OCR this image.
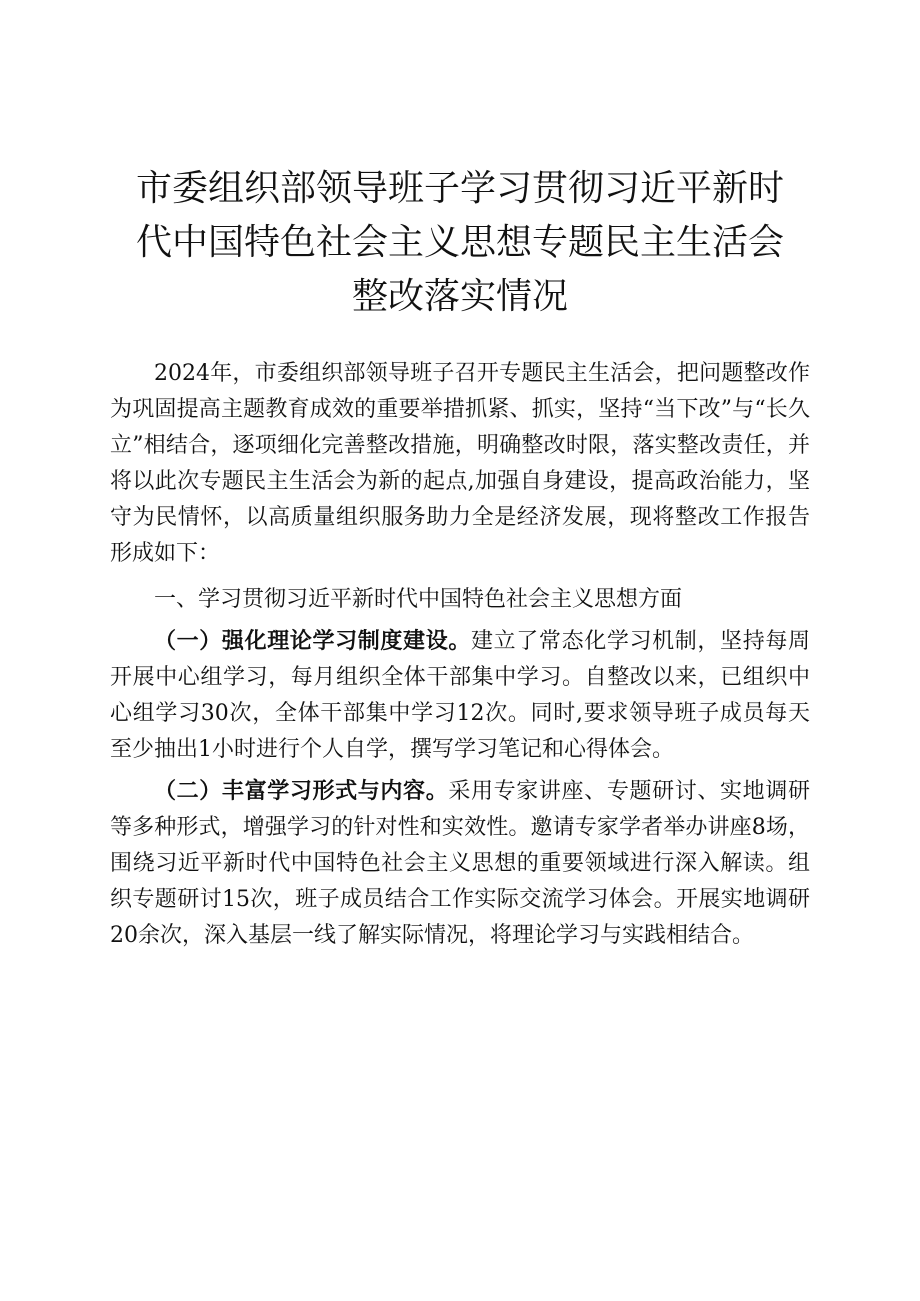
市委组织部领导班子学习贯彻习近平新时代中国特色社会主义思想专题民主生活会整改落实情况

2024年，市委组织部领导班子召开专题民主生活会，把问题整改作为巩固提高主题教育成效的重要举措抓紧、抓实，坚持“当下改”与“长久立”相结合，逐项细化完善整改措施，明确整改时限，落实整改责任，并将以此次专题民主生活会为新的起点,加强自身建设，提高政治能力，坚守为民情怀，以高质量组织服务助力全是经济发展，现将整改工作报告形成如下：

一、学习贯彻习近平新时代中国特色社会主义思想方面

（一）强化理论学习制度建设。建立了常态化学习机制，坚持每周开展中心组学习，每月组织全体干部集中学习。自整改以来，已组织中心组学习30次，全体干部集中学习12次。同时,要求领导班子成员每天至少抽出1小时进行个人自学，撰写学习笔记和心得体会。

（二）丰富学习形式与内容。采用专家讲座、专题研讨、实地调研等多种形式，增强学习的针对性和实效性。邀请专家学者举办讲座8场，围绕习近平新时代中国特色社会主义思想的重要领域进行深入解读。组织专题研讨15次，班子成员结合工作实际交流学习体会。开展实地调研20余次，深入基层一线了解实际情况，将理论学习与实践相结合。
